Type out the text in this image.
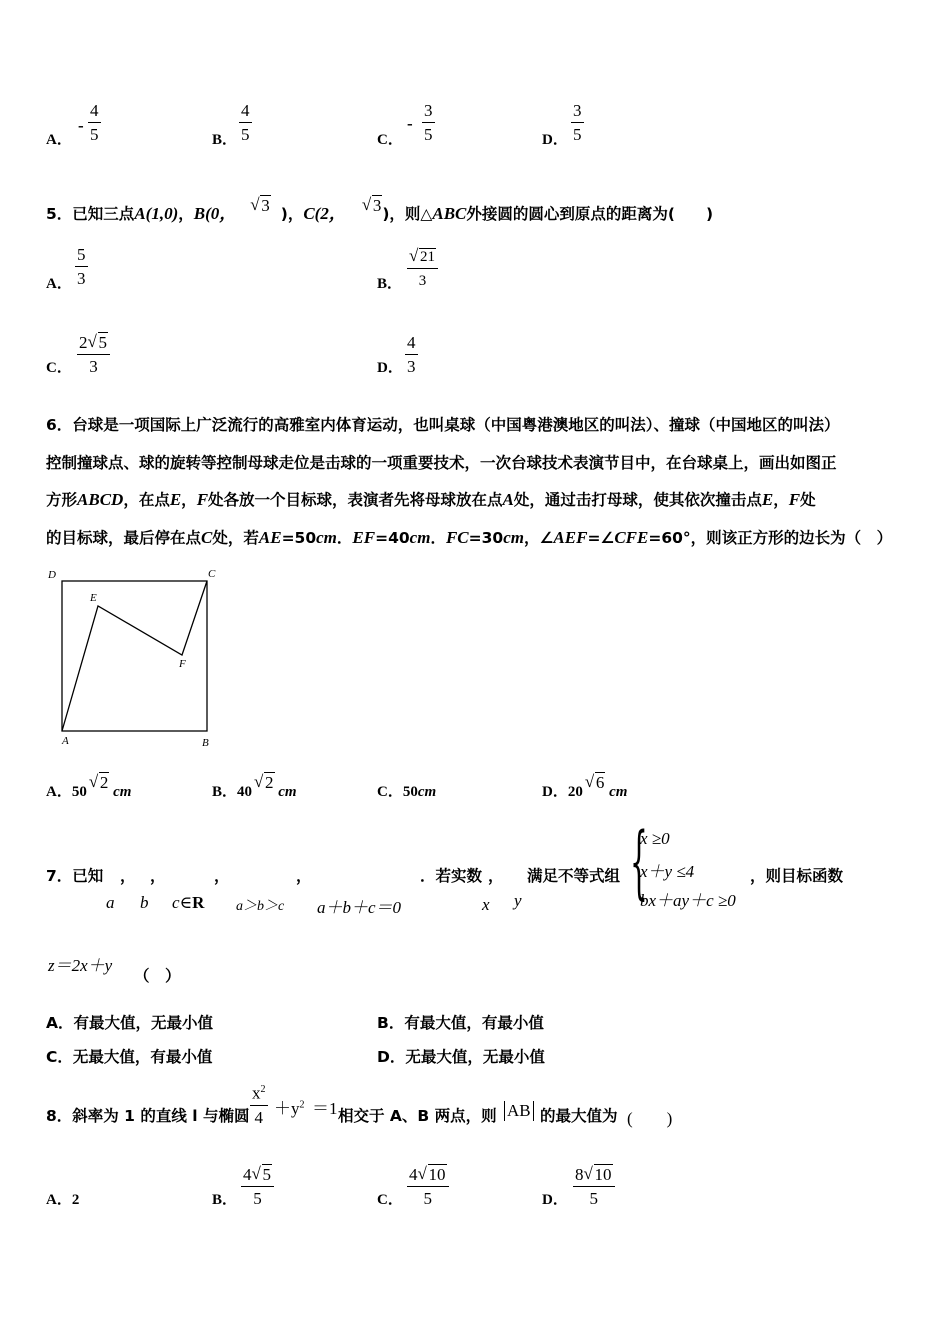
A．
- $\frac{4}{5}$	B． $\frac{4}{5}$	C．
- $\frac{3}{5}$	D． $\frac{3}{5}$
5．已知三点A(1,0)，B(0， √ 3 )，C(2， √ 3)，则△ABC外接圆的圆心到原点的距离为(　　)
A． $\frac{5}{3}$	B． $\frac{√ 21}{3}$
C． $\frac{2 √ 5}{3}$	D． $\frac{4}{3}$
6．台球是一项国际上广泛流行的高雅室内体育运动，也叫桌球（中国粤港澳地区的叫法）、撞球（中国地区的叫法）
控制撞球点、球的旋转等控制母球走位是击球的一项重要技术，一次台球技术表演节目中，在台球桌上，画出如图正
方形ABCD，在点E，F处各放一个目标球，表演者先将母球放在点A处，通过击打母球，使其依次撞击点E，F处
的目标球，最后停在点C处，若AE=50cm．EF=40cm．FC=30cm，∠AEF=∠CFE=60°，则该正方形的边长为（　）
D	C
E
F
A	B
A．50
√ 2 cm	B．40
√ 2 cm	C．50cm	D．20
√ 6 cm
7．已知 ， ，	，	，	．若实数 ， 满足不等式组	，则目标函数
a b c∈R a＞b＞c a＋b＋c＝0	x y {
x ≥0
x＋y ≤4
bx＋ay＋c ≥0
z＝2x＋y
（　）
A．有最大值，无最小值	B．有最大值，有最小值
C．无最大值，有最小值	D．无最大值，无最小值
8．斜率为 1 的直线 l 与椭圆 $\frac{x^2}{4} +y^2 =1$ 相交于 A、B 两点，则 AB 的最大值为 (　　)
A．2	B． $\frac{4 √ 5}{5}$	C． $\frac{4 √ 10}{5}$	D． $\frac{8 √ 10}{5}$
